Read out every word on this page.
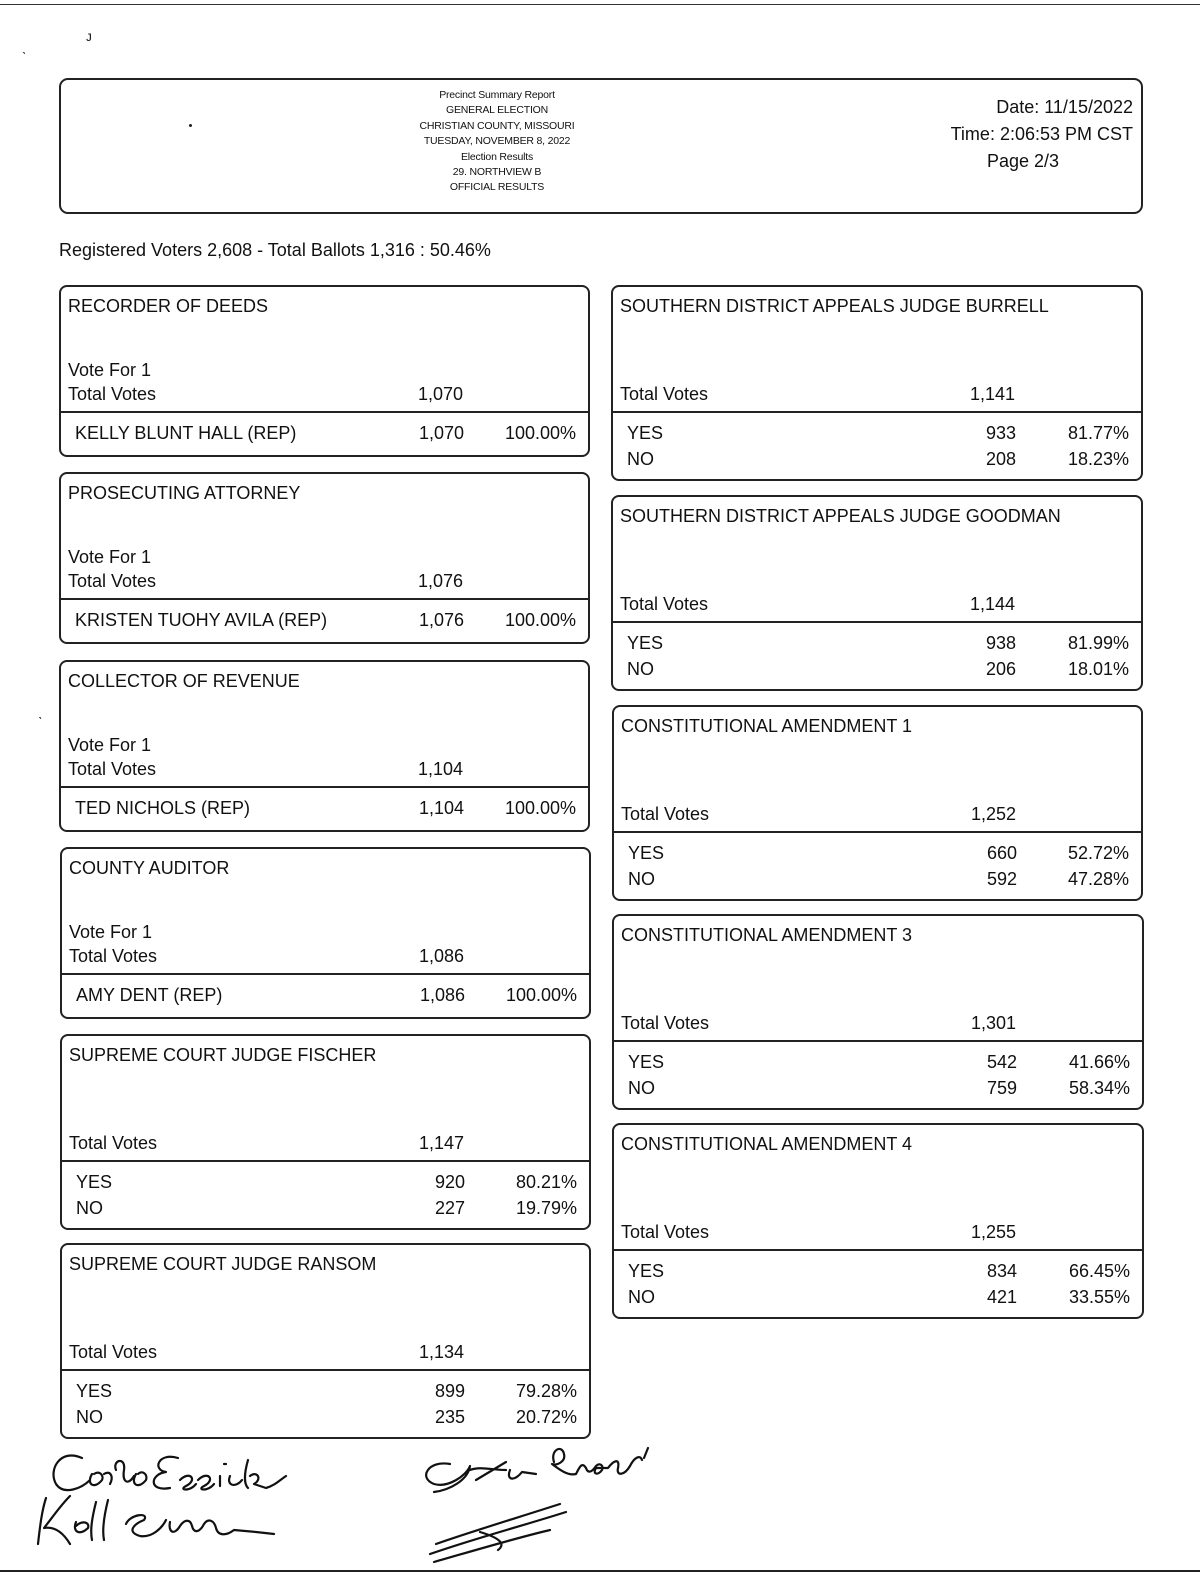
ˎ
ᴊ
ˋ
Precinct Summary Report
GENERAL ELECTION
CHRISTIAN COUNTY, MISSOURI
TUESDAY, NOVEMBER 8, 2022
Election Results
29. NORTHVIEW B
OFFICIAL RESULTS
Date: 11/15/2022
Time: 2:06:53 PM CST
Page 2/3
Registered Voters 2,608 - Total Ballots 1,316 : 50.46%
RECORDER OF DEEDS
Vote For 1
Total Votes	1,070
KELLY BLUNT HALL (REP)	1,070	100.00%
PROSECUTING ATTORNEY
Vote For 1
Total Votes	1,076
KRISTEN TUOHY AVILA (REP)	1,076	100.00%
COLLECTOR OF REVENUE
Vote For 1
Total Votes	1,104
TED NICHOLS (REP)	1,104	100.00%
COUNTY AUDITOR
Vote For 1
Total Votes	1,086
AMY DENT (REP)	1,086	100.00%
SUPREME COURT JUDGE FISCHER
Total Votes	1,147
YES	920	80.21%
NO	227	19.79%
SUPREME COURT JUDGE RANSOM
Total Votes	1,134
YES	899	79.28%
NO	235	20.72%
SOUTHERN DISTRICT APPEALS JUDGE BURRELL
Total Votes	1,141
YES	933	81.77%
NO	208	18.23%
SOUTHERN DISTRICT APPEALS JUDGE GOODMAN
Total Votes	1,144
YES	938	81.99%
NO	206	18.01%
CONSTITUTIONAL AMENDMENT 1
Total Votes	1,252
YES	660	52.72%
NO	592	47.28%
CONSTITUTIONAL AMENDMENT 3
Total Votes	1,301
YES	542	41.66%
NO	759	58.34%
CONSTITUTIONAL AMENDMENT 4
Total Votes	1,255
YES	834	66.45%
NO	421	33.55%
